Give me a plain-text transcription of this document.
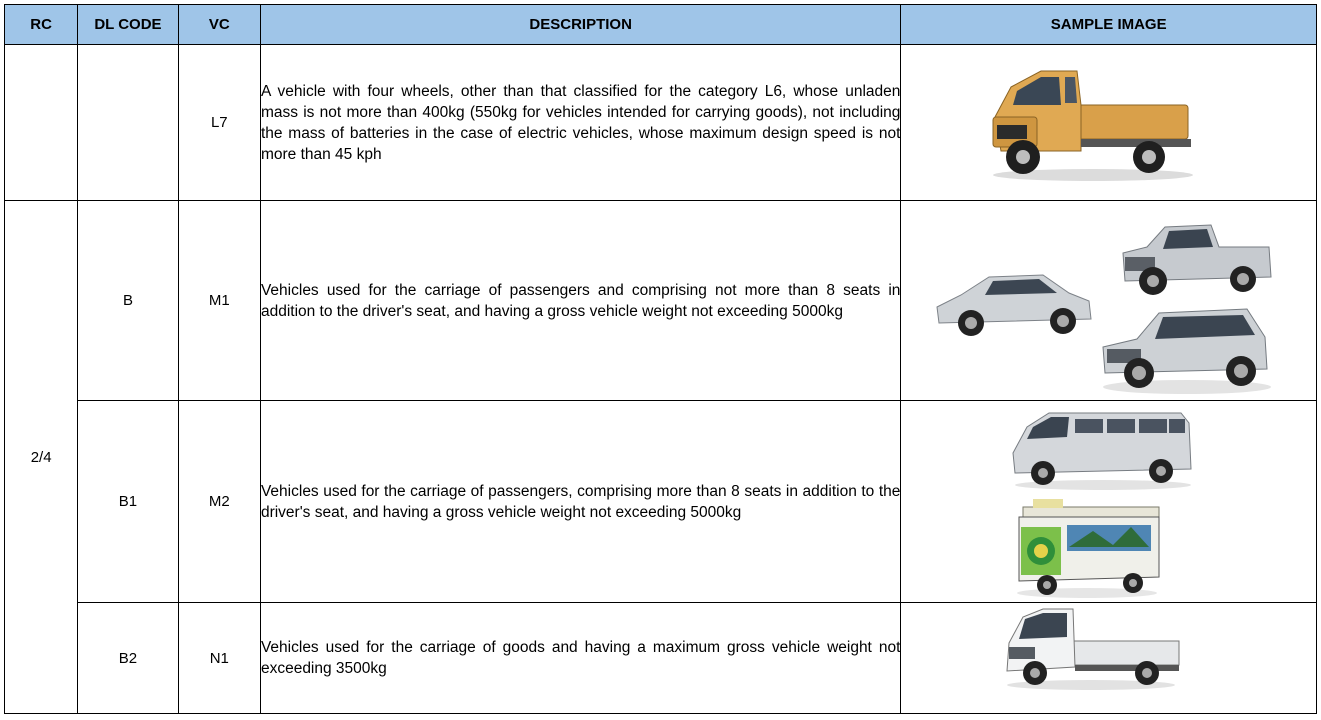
RC	DL CODE	VC	DESCRIPTION	SAMPLE IMAGE
		L7	A vehicle with four wheels, other than that classified for the category L6, whose unladen mass is not more than 400kg (550kg for vehicles intended for carrying goods), not including the mass of batteries in the case of electric vehicles, whose maximum design speed is not more than 45 kph	

2/4	B	M1	Vehicles used for the carriage of passengers and comprising not more than 8 seats in addition to the driver's seat, and having a gross vehicle weight not exceeding 5000kg	

	B1	M2	Vehicles used for the carriage of passengers, comprising more than 8 seats in addition to the driver's seat, and having a gross vehicle weight not exceeding 5000kg	

	B2	N1	Vehicles used for the carriage of goods and having a maximum gross vehicle weight not exceeding 3500kg	
